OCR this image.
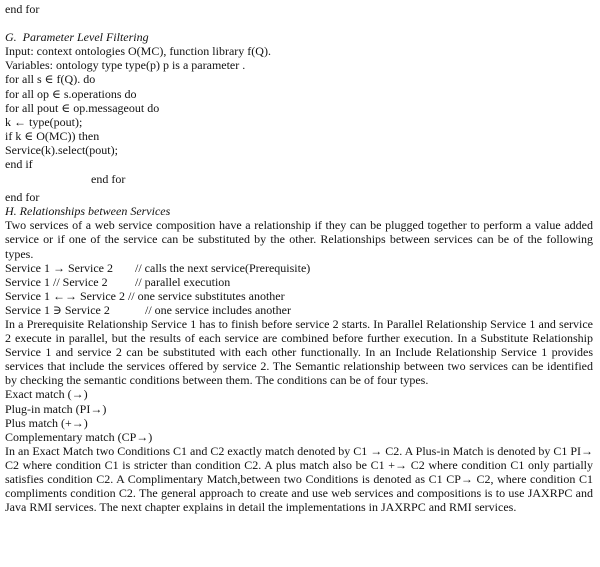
end for
G.  Parameter Level Filtering
Input: context ontologies O(MC), function library f(Q).
Variables: ontology type type(p) p is a parameter .
for all s ∈ f(Q). do
for all op ∈ s.operations do
for all pout ∈ op.messageout do
k ← type(pout);
if k ∈ O(MC)) then
Service(k).select(pout);
end if
end for
end for
H. Relationships between Services

Two services of a web service composition have a relationship if they can be plugged together to perform a value added service or if one of the service can be substituted by the other. Relationships between services can be of the following types.

Service 1 → Service 2 // calls the next service(Prerequisite)
Service 1 // Service 2 // parallel execution
Service 1 ←→ Service 2 // one service substitutes another
Service 1 ∋ Service 2	// one service includes another

In a Prerequisite Relationship Service 1 has to finish before service 2 starts. In Parallel Relationship Service 1 and service 2 execute in parallel, but the results of each service are combined before further execution. In a Substitute Relationship Service 1 and service 2 can be substituted with each other functionally. In an Include Relationship Service 1 provides services that include the services offered by service 2. The Semantic relationship between two services can be identified by checking the semantic conditions between them. The conditions can be of four types.

Exact match (→)
Plug-in match (PI→)
Plus match (+→)
Complementary match (CP→)

In an Exact Match two Conditions C1 and C2 exactly match denoted by C1 → C2. A Plus-in Match is denoted by C1 PI→ C2 where condition C1 is stricter than condition C2. A plus match also be C1 +→ C2 where condition C1 only partially satisfies condition C2. A Complimentary Match,between two Conditions is denoted as C1 CP→ C2, where condition C1 compliments condition C2. The general approach to create and use web services and compositions is to use JAXRPC and Java RMI services. The next chapter explains in detail the implementations in JAXRPC and RMI services.
